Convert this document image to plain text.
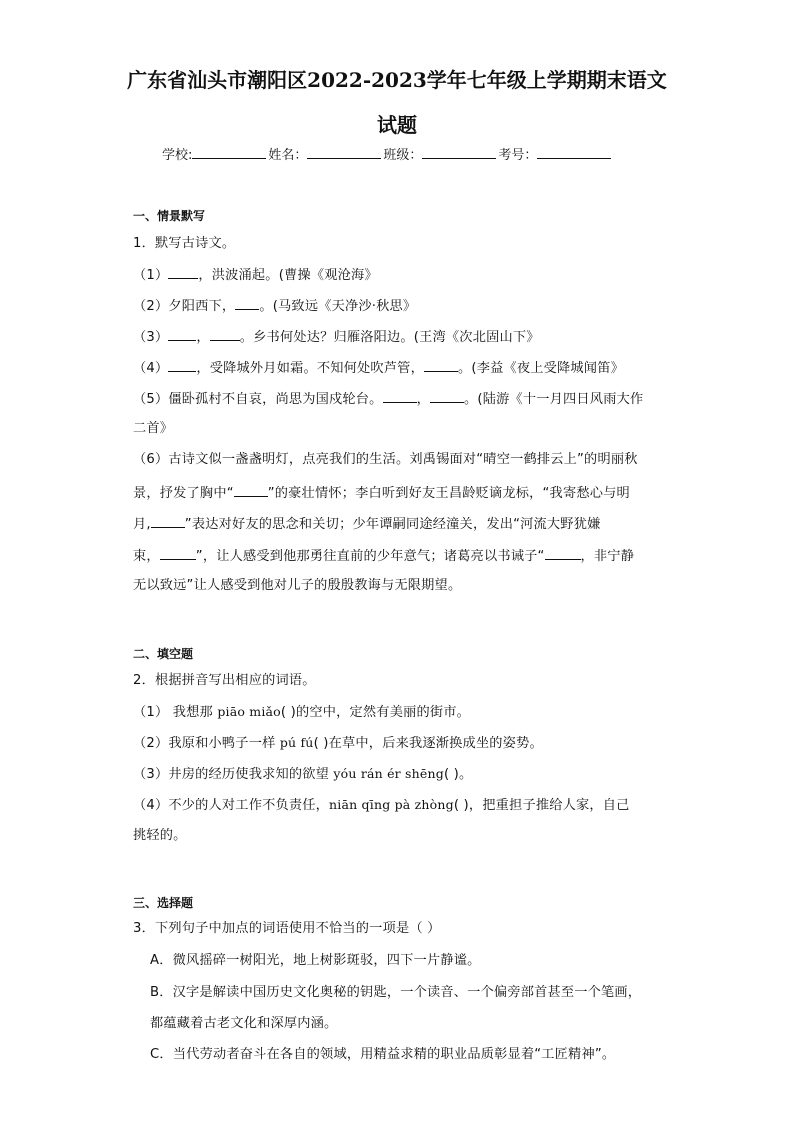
广东省汕头市潮阳区2022-2023学年七年级上学期期末语文
试题
学校:	姓名：	班级：	考号：
一、情景默写
1．默写古诗文。
（1） ，洪波涌起。(曹操《观沧海》
（2）夕阳西下， 。(马致远《天净沙·秋思》
（3） ， 。乡书何处达？归雁洛阳边。(王湾《次北固山下》
（4） ，受降城外月如霜。不知何处吹芦管，	。(李益《夜上受降城闻笛》
（5）僵卧孤村不自哀，尚思为国戍轮台。	，	。(陆游《十一月四日风雨大作
二首》
（6）古诗文似一盏盏明灯，点亮我们的生活。刘禹锡面对“晴空一鹤排云上”的明丽秋
景，抒发了胸中“	”的豪壮情怀；李白听到好友王昌龄贬谪龙标，“我寄愁心与明
月,	”表达对好友的思念和关切；少年谭嗣同途经潼关，发出“河流大野犹嫌
束，	”，让人感受到他那勇往直前的少年意气；诸葛亮以书诫子“	，非宁静
无以致远”让人感受到他对儿子的殷殷教诲与无限期望。
二、填空题
2．根据拼音写出相应的词语。
（1） 我想那 piāo miǎo( )的空中，定然有美丽的街市。
（2）我原和小鸭子一样 pú fú( )在草中，后来我逐渐换成坐的姿势。
（3）井房的经历使我求知的欲望 yóu rán ér shēng( )。
（4）不少的人对工作不负责任，niān qīng pà zhòng( )，把重担子推给人家，自己
挑轻的。
三、选择题
3．下列句子中加点的词语使用不恰当的一项是（ ）
A．微风摇碎一树阳光，地上树影斑驳，四下一片静谧。
B．汉字是解读中国历史文化奥秘的钥匙，一个读音、一个偏旁部首甚至一个笔画，
都蕴藏着古老文化和深厚内涵。
C．当代劳动者奋斗在各自的领域，用精益求精的职业品质彰显着“工匠精神”。
